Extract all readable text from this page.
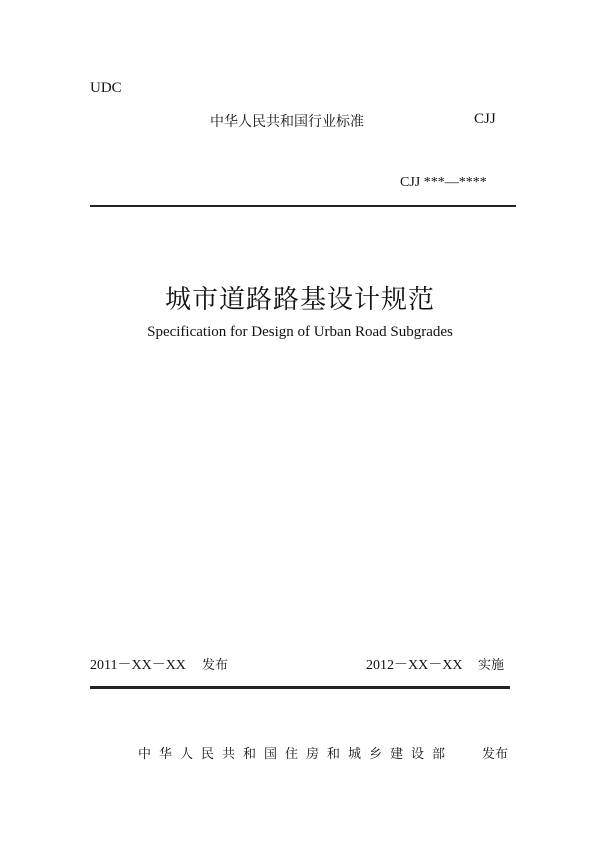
UDC
中华人民共和国行业标准	CJJ
CJJ ***—****
城市道路路基设计规范
Specification for Design of Urban Road Subgrades
2011－XX－XX 发布	2012－XX－XX 实施
中华人民共和国住房和城乡建设部 发布
